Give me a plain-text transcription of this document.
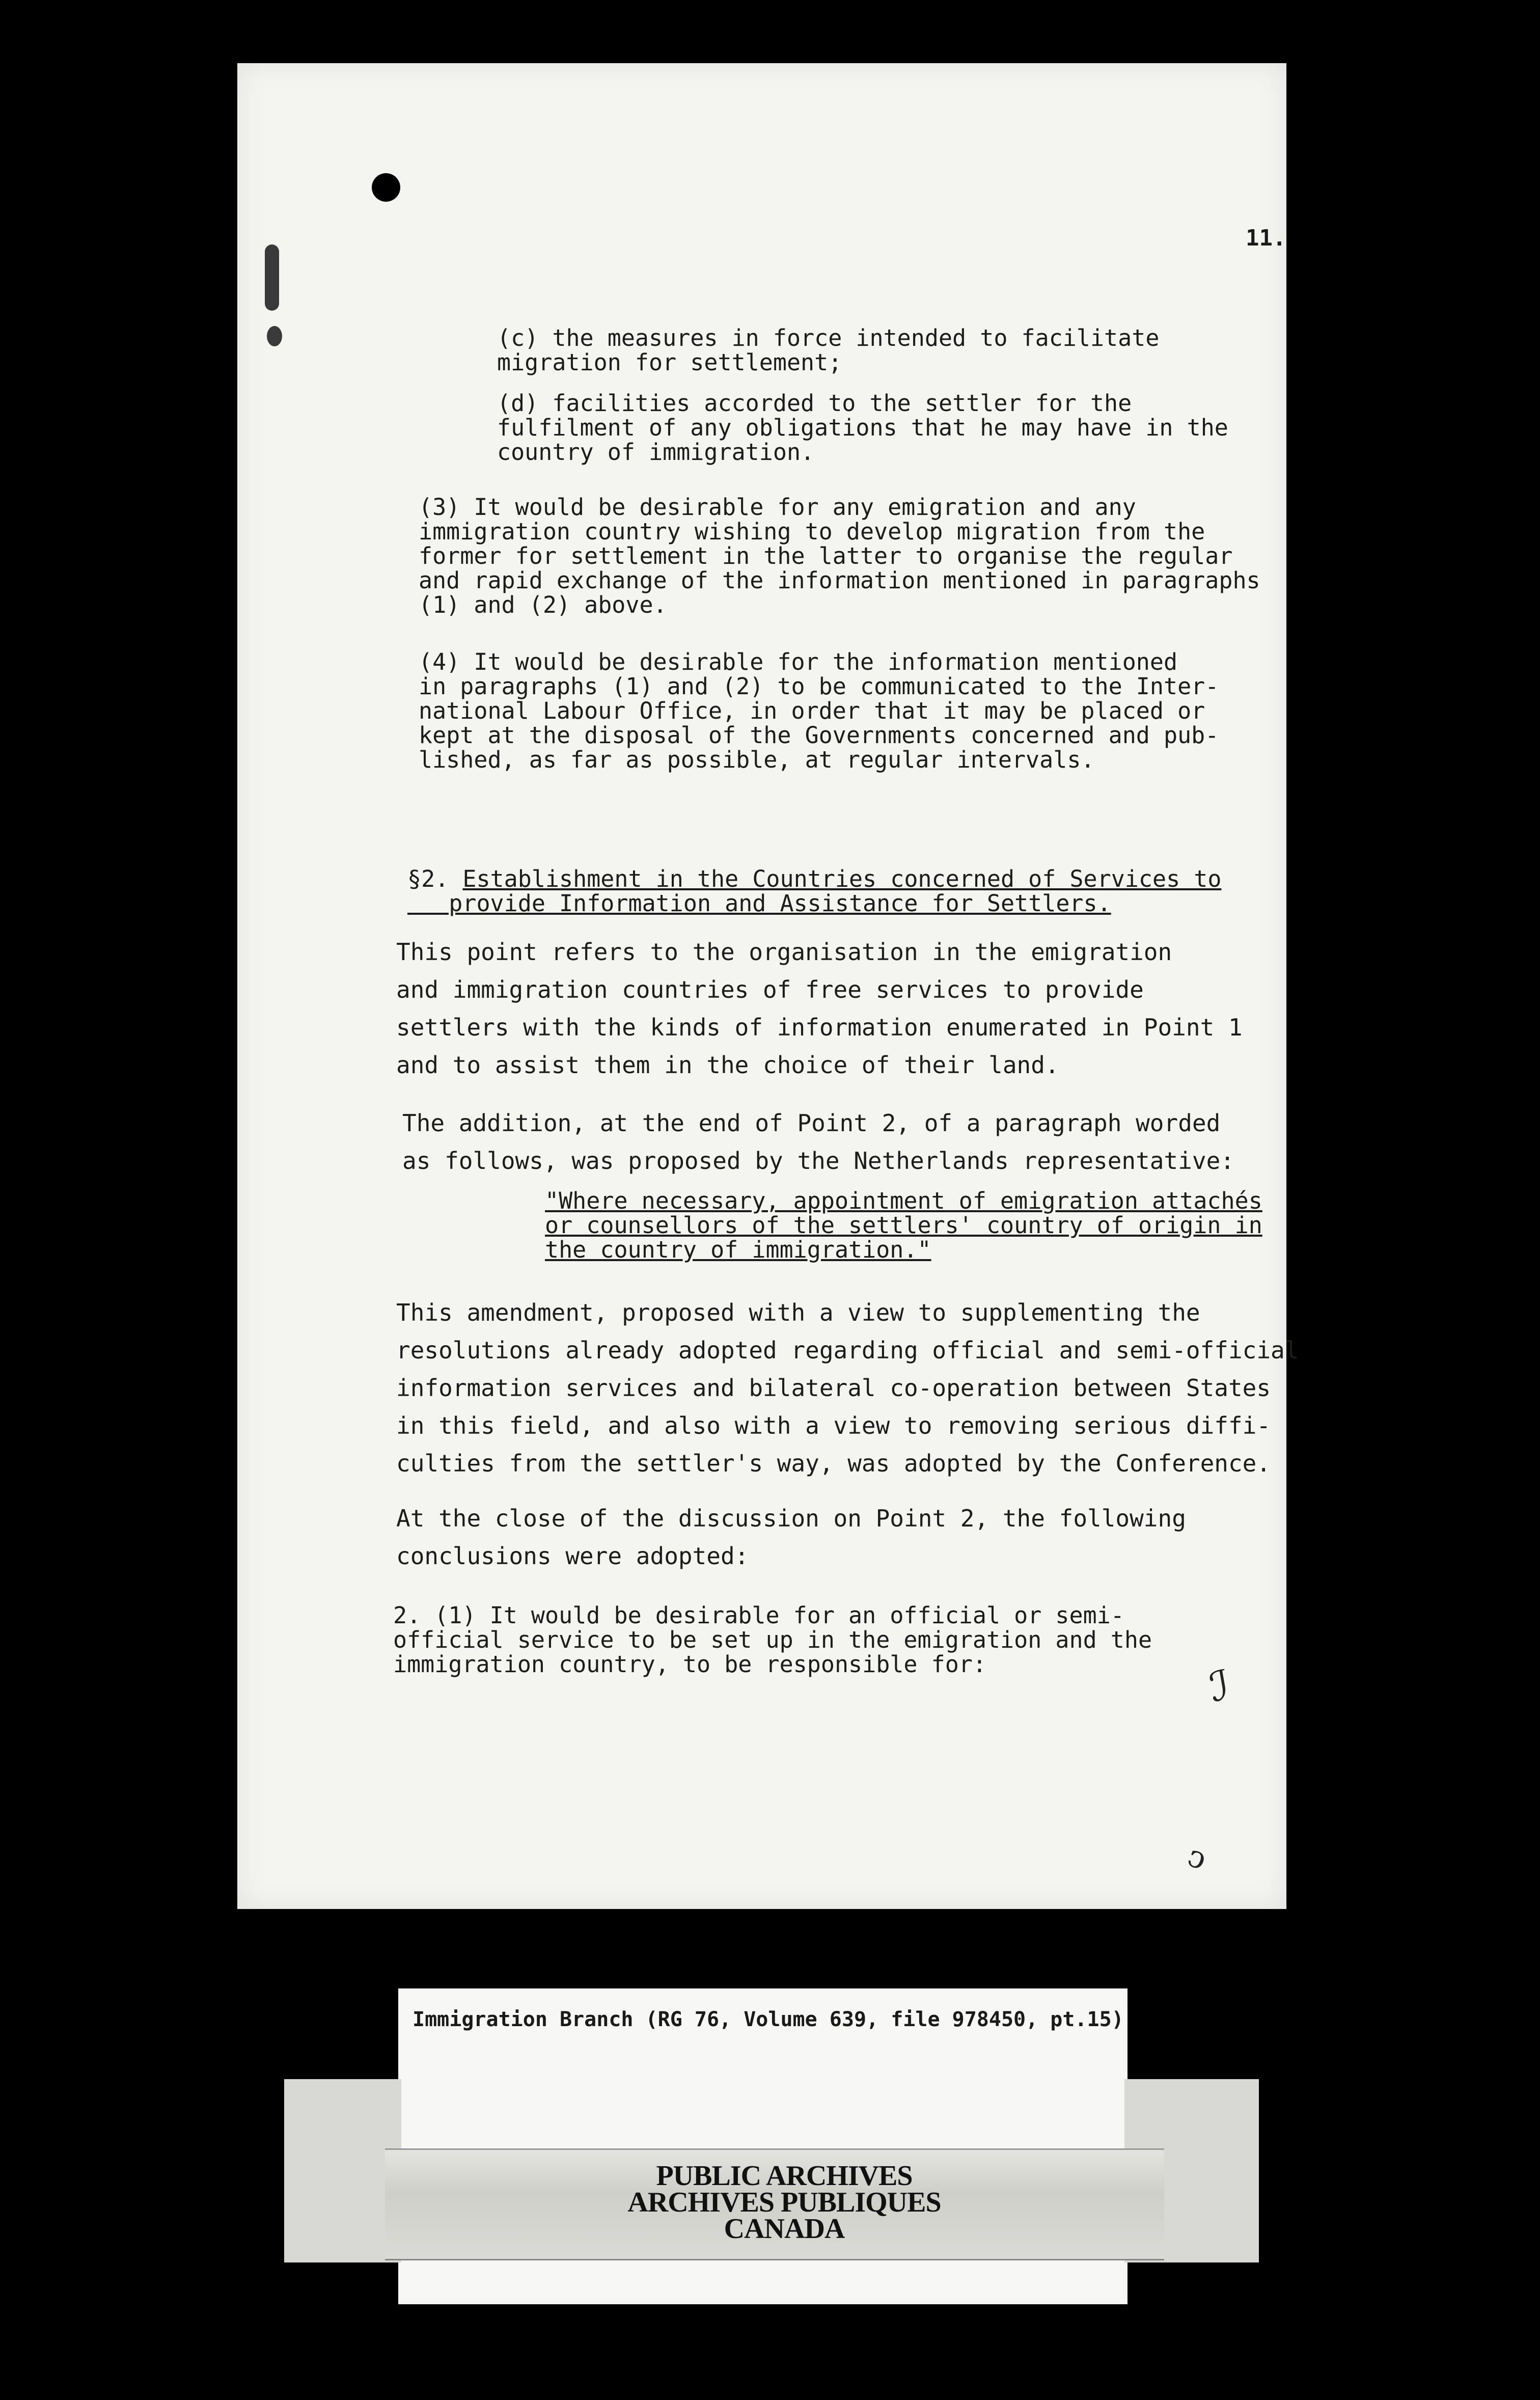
11.
(c) the measures in force intended to facilitate
migration for settlement;
(d) facilities accorded to the settler for the
fulfilment of any obligations that he may have in the
country of immigration.
(3) It would be desirable for any emigration and any
immigration country wishing to develop migration from the
former for settlement in the latter to organise the regular
and rapid exchange of the information mentioned in paragraphs
(1) and (2) above.
(4) It would be desirable for the information mentioned
in paragraphs (1) and (2) to be communicated to the Inter-
national Labour Office, in order that it may be placed or
kept at the disposal of the Governments concerned and pub-
lished, as far as possible, at regular intervals.
§2. Establishment in the Countries concerned of Services to
provide Information and Assistance for Settlers.
This point refers to the organisation in the emigration
and immigration countries of free services to provide
settlers with the kinds of information enumerated in Point 1
and to assist them in the choice of their land.
The addition, at the end of Point 2, of a paragraph worded
as follows, was proposed by the Netherlands representative:
"Where necessary, appointment of emigration attachés
or counsellors of the settlers' country of origin in
the country of immigration."
This amendment, proposed with a view to supplementing the
resolutions already adopted regarding official and semi-official
information services and bilateral co-operation between States
in this field, and also with a view to removing serious diffi-
culties from the settler's way, was adopted by the Conference.
At the close of the discussion on Point 2, the following
conclusions were adopted:
2. (1) It would be desirable for an official or semi-
official service to be set up in the emigration and the
immigration country, to be responsible for:	ℐ
ↄ
Immigration Branch (RG 76, Volume 639, file 978450, pt.15)
PUBLIC ARCHIVES
ARCHIVES PUBLIQUES
CANADA
